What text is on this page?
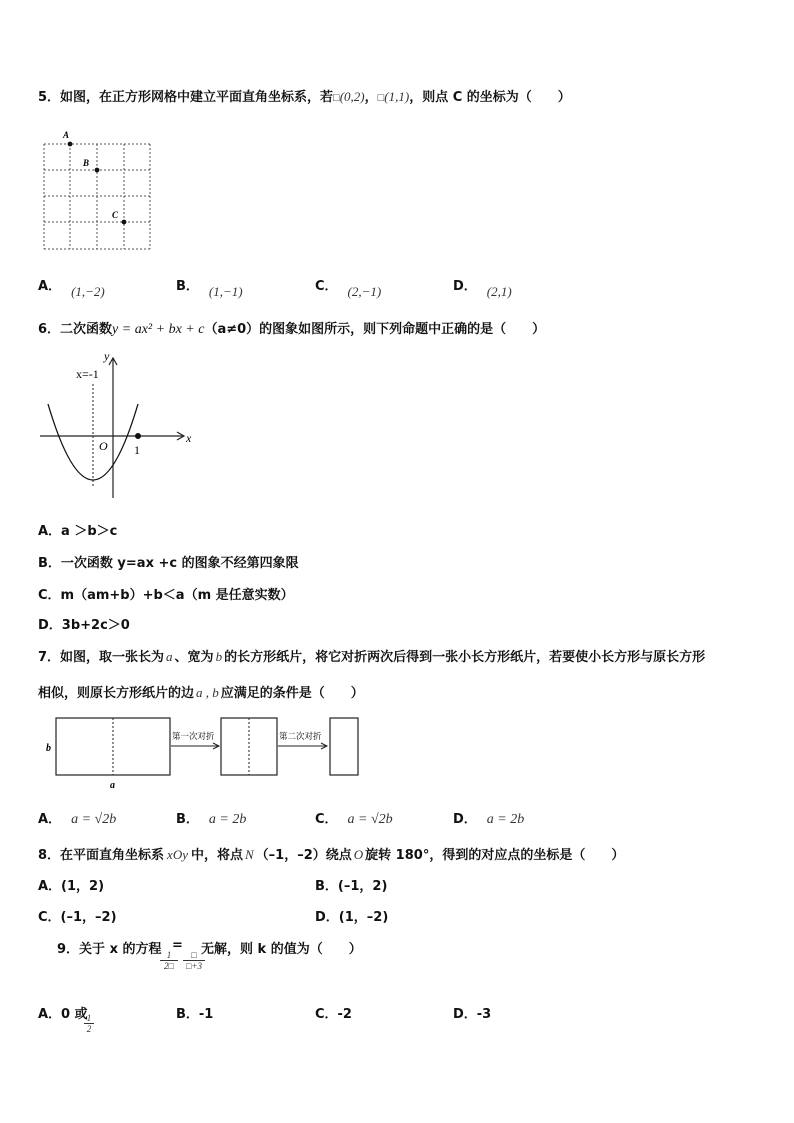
5．如图，在正方形网格中建立平面直角坐标系，若□(0,2)，□(1,1)，则点 C 的坐标为（　　）
A
B
C
A． (1,−2)	B． (1,−1)	C． (2,−1)	D． (2,1)
6．二次函数y = ax² + bx + c（a≠0）的图象如图所示，则下列命题中正确的是（　　）
x=-1
y
x
O 1
A．a ＞b＞c
B．一次函数 y=ax +c 的图象不经第四象限
C．m（am+b）+b＜a（m 是任意实数）
D．3b+2c＞0
7．如图，取一张长为 a 、宽为 b 的长方形纸片，将它对折两次后得到一张小长方形纸片，若要使小长方形与原长方形
相似，则原长方形纸片的边 a , b 应满足的条件是（　　）
b
a
第一次对折	第二次对折
A． a = √2b	B． a = 2b	C． a = √2b	D． a = 2b
8．在平面直角坐标系 xOy 中，将点 N （–1，–2）绕点 O 旋转 180°，得到的对应点的坐标是（　　）
A．(1，2)	B．(–1，2)
C．(–1，–2)	D．(1，–2)
9．关于 x 的方程
$\frac{1}{2□}$
=
□
□+3
无解，则 k 的值为（　　）
A．0 或
$\frac{1}{2}$	B．-1	C．-2	D．-3
